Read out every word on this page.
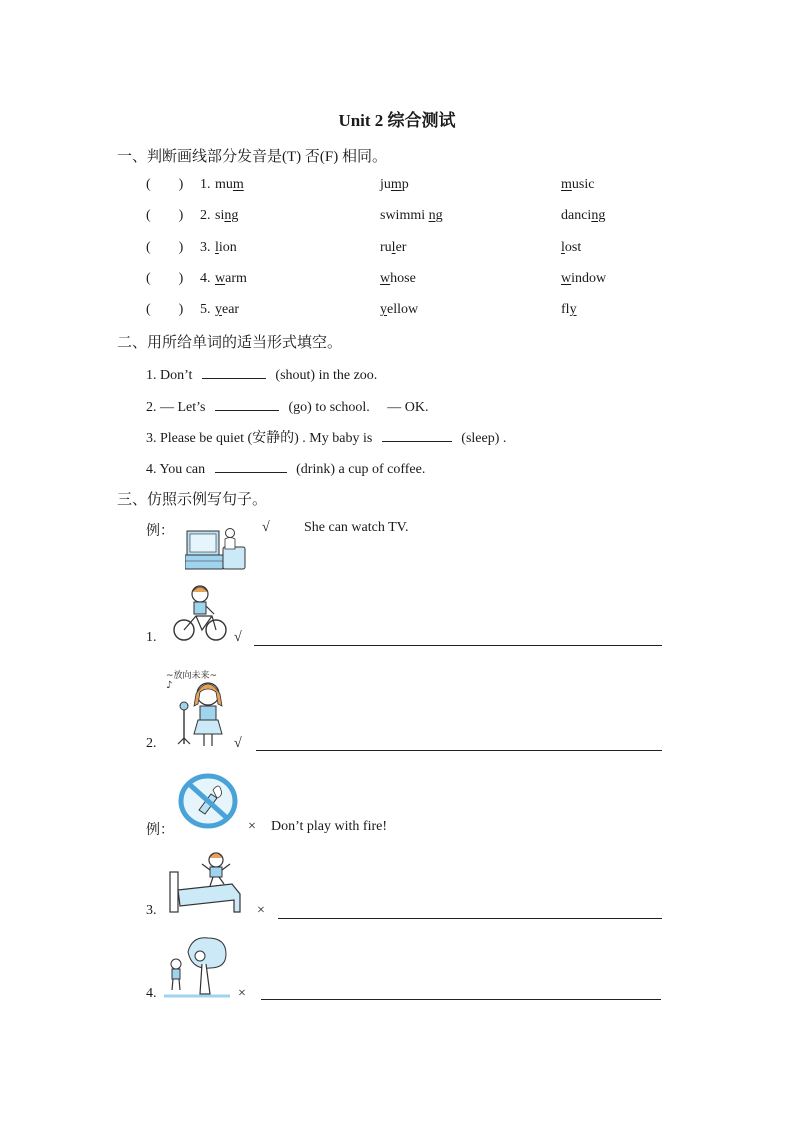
Unit 2 综合测试
一、判断画线部分发音是(T) 否(F) 相同。
(        ) 1. mum	jump	music
(        ) 2. sing	swimmi ng	dancing
(        ) 3. lion	ruler	lost
(        ) 4. warm	whose	window
(        ) 5. year	yellow	fly
二、用所给单词的适当形式填空。
1. Don’t	(shout) in the zoo.
2. — Let’s	(go) to school.     — OK.
3. Please be quiet (安静的) . My baby is	(sleep) .
4. You can	(drink) a cup of coffee.
三、仿照示例写句子。
例：	√ She can watch TV.
1.	√
~放向未来~
♪
2.	√
例：	× Don’t play with fire!
3.	×
4.	×
